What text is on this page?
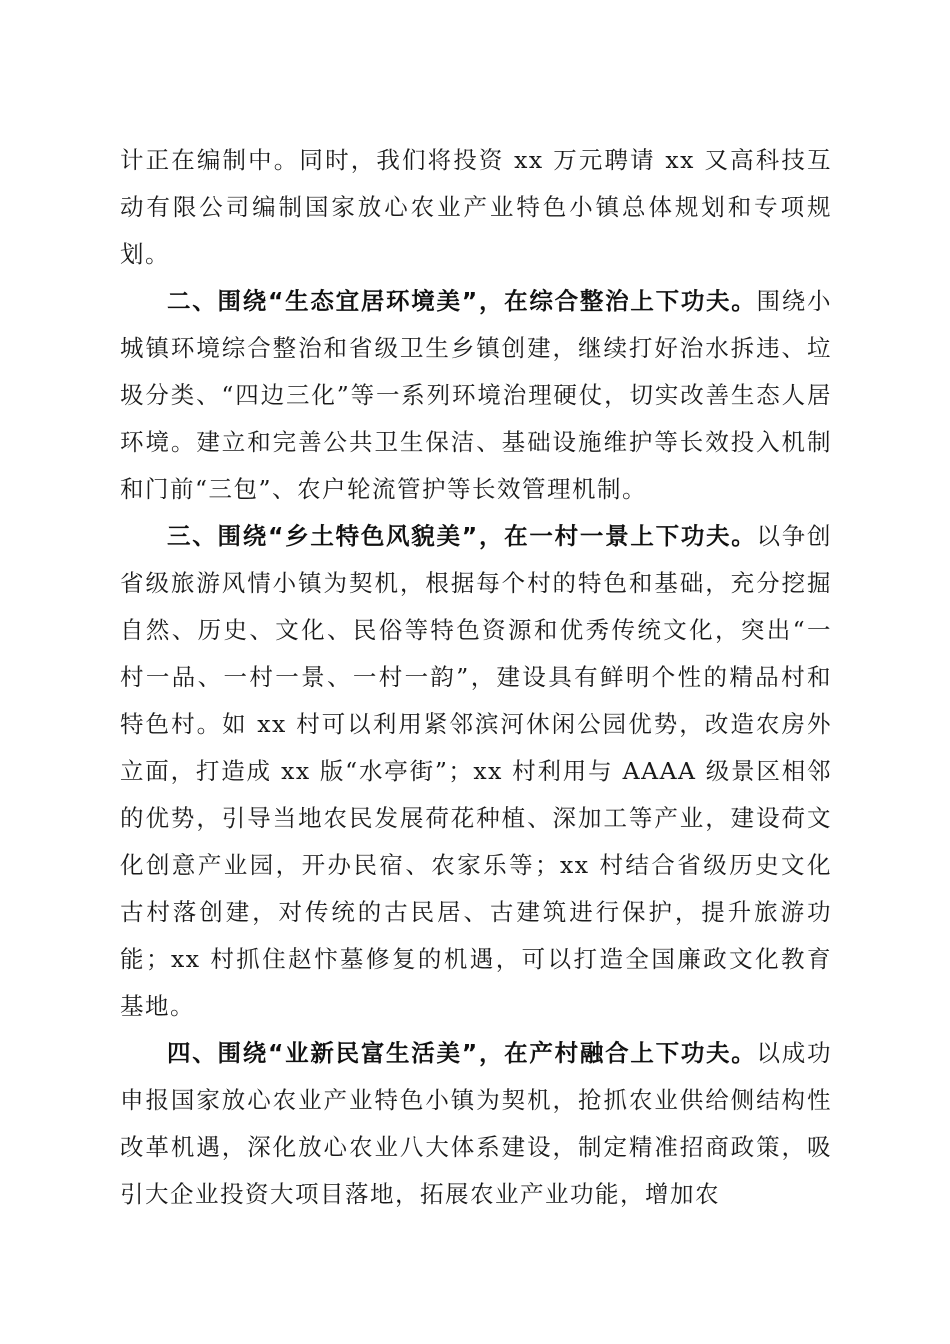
计正在编制中。同时，我们将投资 xx 万元聘请 xx 又高科技互动有限公司编制国家放心农业产业特色小镇总体规划和专项规划。

二、围绕“生态宜居环境美”，在综合整治上下功夫。围绕小城镇环境综合整治和省级卫生乡镇创建，继续打好治水拆违、垃圾分类、“四边三化”等一系列环境治理硬仗，切实改善生态人居环境。建立和完善公共卫生保洁、基础设施维护等长效投入机制和门前“三包”、农户轮流管护等长效管理机制。

三、围绕“乡土特色风貌美”，在一村一景上下功夫。以争创省级旅游风情小镇为契机，根据每个村的特色和基础，充分挖掘自然、历史、文化、民俗等特色资源和优秀传统文化，突出“一村一品、一村一景、一村一韵”，建设具有鲜明个性的精品村和特色村。如 xx 村可以利用紧邻滨河休闲公园优势，改造农房外立面，打造成 xx 版“水亭街”；xx 村利用与 AAAA 级景区相邻的优势，引导当地农民发展荷花种植、深加工等产业，建设荷文化创意产业园，开办民宿、农家乐等；xx 村结合省级历史文化古村落创建，对传统的古民居、古建筑进行保护，提升旅游功能；xx 村抓住赵忭墓修复的机遇，可以打造全国廉政文化教育基地。

四、围绕“业新民富生活美”，在产村融合上下功夫。以成功申报国家放心农业产业特色小镇为契机，抢抓农业供给侧结构性改革机遇，深化放心农业八大体系建设，制定精准招商政策，吸引大企业投资大项目落地，拓展农业产业功能，增加农
